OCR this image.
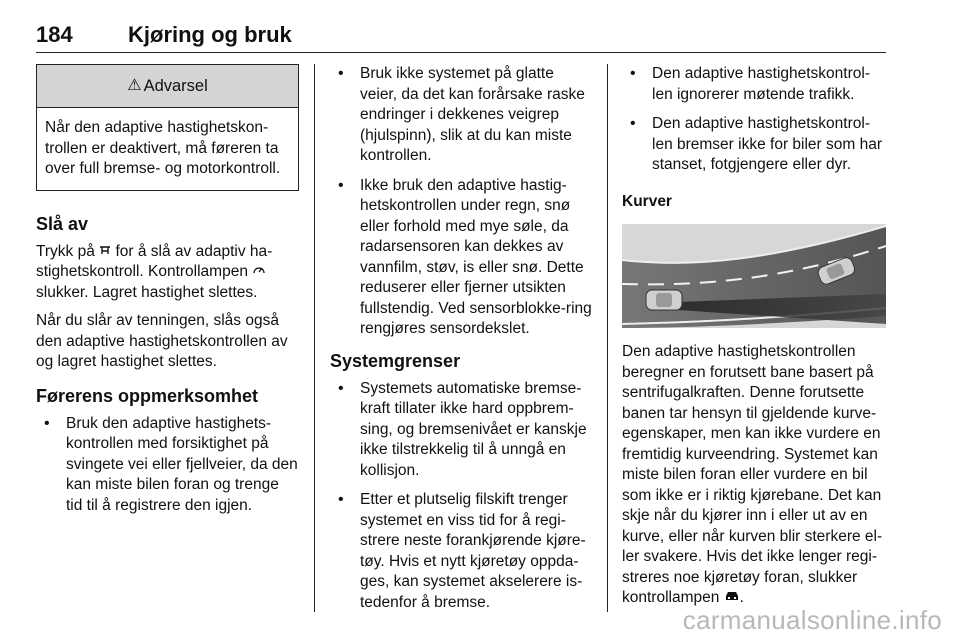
184	Kjøring og bruk
⚠ Advarsel
Når den adaptive hastighetskon-trollen er deaktivert, må føreren ta over full bremse- og motorkontroll.
Slå av

Trykk på for å slå av adaptiv ha-stighetskontroll. Kontrollampen  slukker. Lagret hastighet slettes.

Når du slår av tenningen, slås også den adaptive hastighetskontrollen av og lagret hastighet slettes.

Førerens oppmerksomhet
• Bruk den adaptive hastighets-kontrollen med forsiktighet på svingete vei eller fjellveier, da den kan miste bilen foran og trenge tid til å registrere den igjen.
• Bruk ikke systemet på glatte veier, da det kan forårsake raske endringer i dekkenes veigrep (hjulspinn), slik at du kan miste kontrollen.
• Ikke bruk den adaptive hastig-hetskontrollen under regn, snø eller forhold med mye søle, da radarsensoren kan dekkes av vannfilm, støv, is eller snø. Dette reduserer eller fjerner utsikten fullstendig. Ved sensorblokke-ring rengjøres sensordekslet.
Systemgrenser
• Systemets automatiske bremse-kraft tillater ikke hard oppbrem-sing, og bremsenivået er kanskje ikke tilstrekkelig til å unngå en kollisjon.
• Etter et plutselig filskift trenger systemet en viss tid for å regi-strere neste forankjørende kjøre-tøy. Hvis et nytt kjøretøy oppda-ges, kan systemet akselerere is-tedenfor å bremse.
• Den adaptive hastighetskontrol-len ignorerer møtende trafikk.
• Den adaptive hastighetskontrol-len bremser ikke for biler som har stanset, fotgjengere eller dyr.
Kurver

Den adaptive hastighetskontrollen beregner en forutsett bane basert på sentrifugalkraften. Denne forutsette banen tar hensyn til gjeldende kurve-egenskaper, men kan ikke vurdere en fremtidig kurveendring. Systemet kan miste bilen foran eller vurdere en bil som ikke er i riktig kjørebane. Det kan skje når du kjører inn i eller ut av en kurve, eller når kurven blir sterkere el-ler svakere. Hvis det ikke lenger regi-streres noe kjøretøy foran, slukker kontrollampen .

carmanualsonline.info
